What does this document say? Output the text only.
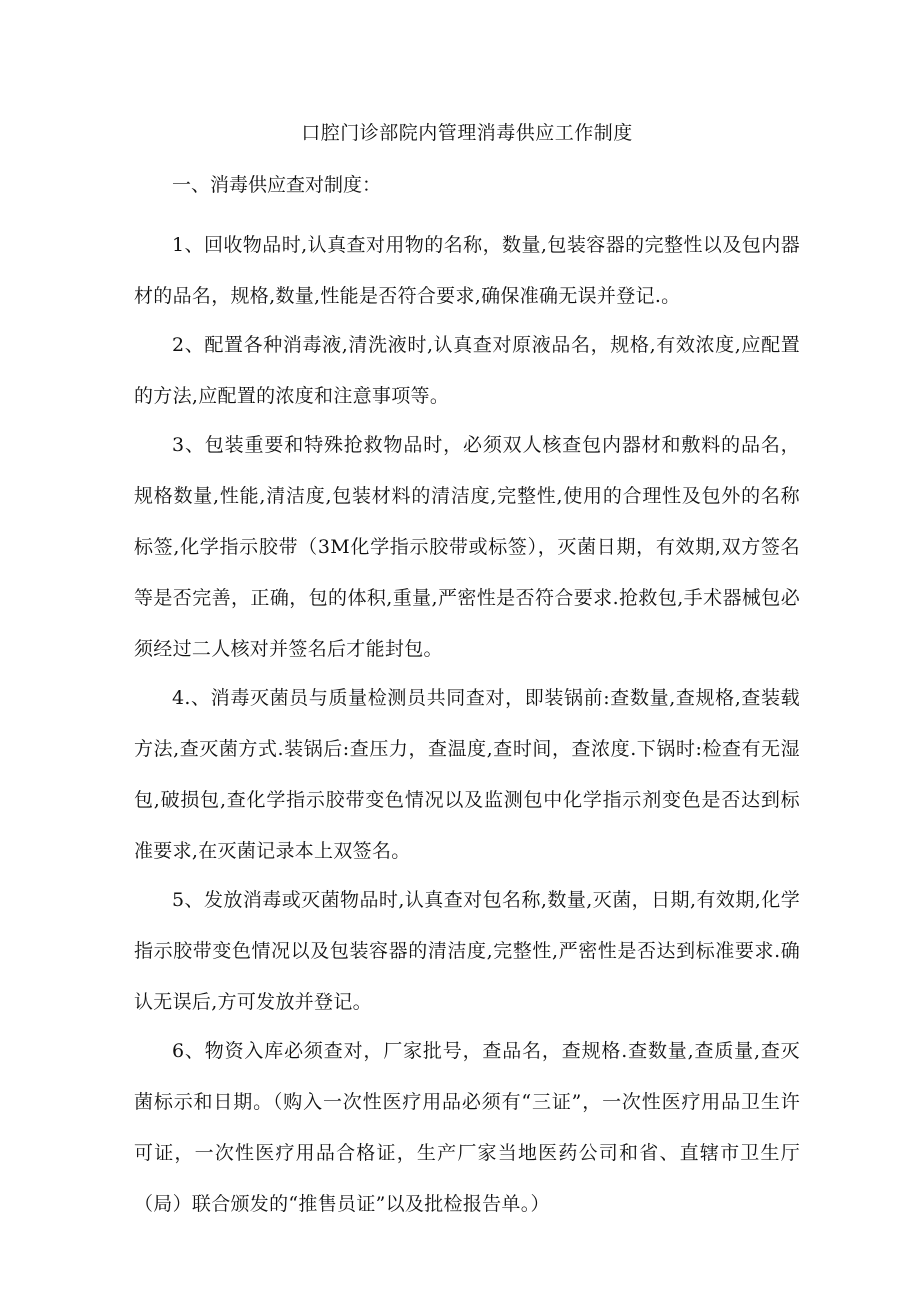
口腔门诊部院内管理消毒供应工作制度
一、消毒供应查对制度：

1、回收物品时,认真查对用物的名称，数量,包装容器的完整性以及包内器材的品名，规格,数量,性能是否符合要求,确保准确无误并登记.。

2、配置各种消毒液,清洗液时,认真查对原液品名，规格,有效浓度,应配置的方法,应配置的浓度和注意事项等。

3、包装重要和特殊抢救物品时，必须双人核查包内器材和敷料的品名，规格数量,性能,清洁度,包装材料的清洁度,完整性,使用的合理性及包外的名称标签,化学指示胶带（3M化学指示胶带或标签），灭菌日期，有效期,双方签名等是否完善，正确，包的体积,重量,严密性是否符合要求.抢救包,手术器械包必须经过二人核对并签名后才能封包。

4.、消毒灭菌员与质量检测员共同查对，即装锅前:查数量,查规格,查装载方法,查灭菌方式.装锅后:查压力，查温度,查时间，查浓度.下锅时:检查有无湿包,破损包,查化学指示胶带变色情况以及监测包中化学指示剂变色是否达到标准要求,在灭菌记录本上双签名。

5、发放消毒或灭菌物品时,认真查对包名称,数量,灭菌，日期,有效期,化学指示胶带变色情况以及包装容器的清洁度,完整性,严密性是否达到标准要求.确认无误后,方可发放并登记。

6、物资入库必须查对，厂家批号，查品名，查规格.查数量,查质量,查灭菌标示和日期。（购入一次性医疗用品必须有“三证”，一次性医疗用品卫生许可证，一次性医疗用品合格证，生产厂家当地医药公司和省、直辖市卫生厅（局）联合颁发的“推售员证”以及批检报告单。）
